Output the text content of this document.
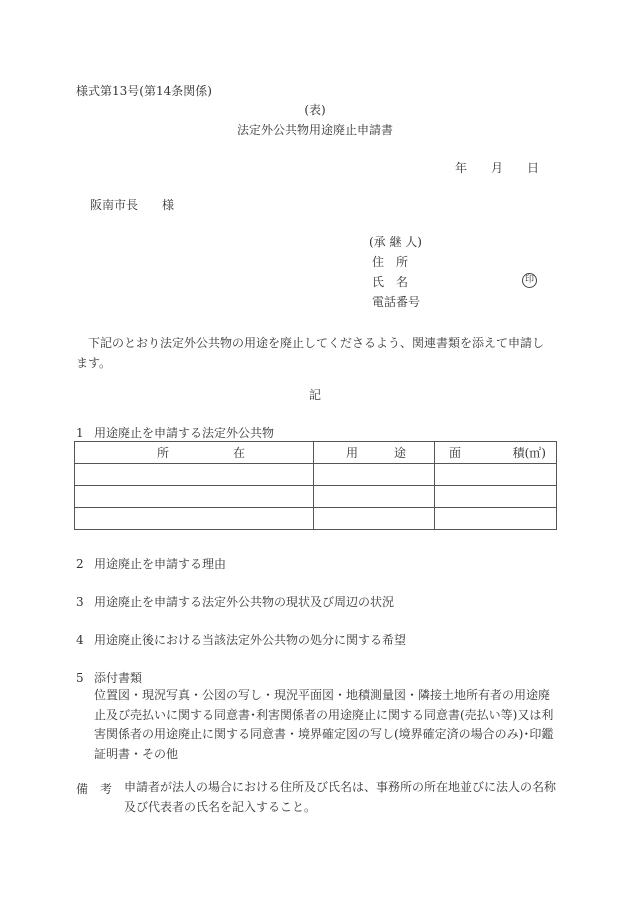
様式第13号(第14条関係)
(表)
法定外公共物用途廃止申請書
年 月 日
阪南市長 様
(承 継 人)
住　所
氏　名	印
電話番号
下記のとおり法定外公共物の用途を廃止してくださるよう、関連書類を添えて申請します。
記
1 用途廃止を申請する法定外公共物
所 在	用 途	面 積(㎡)

2 用途廃止を申請する理由
3 用途廃止を申請する法定外公共物の現状及び周辺の状況
4 用途廃止後における当該法定外公共物の処分に関する希望
5 添付書類
位置図・現況写真・公図の写し・現況平面図・地積測量図・隣接土地所有者の用途廃止及び売払いに関する同意書･利害関係者の用途廃止に関する同意書(売払い等)又は利害関係者の用途廃止に関する同意書・境界確定図の写し(境界確定済の場合のみ)･印鑑証明書・その他
備 考 申請者が法人の場合における住所及び氏名は、事務所の所在地並びに法人の名称
及び代表者の氏名を記入すること。
